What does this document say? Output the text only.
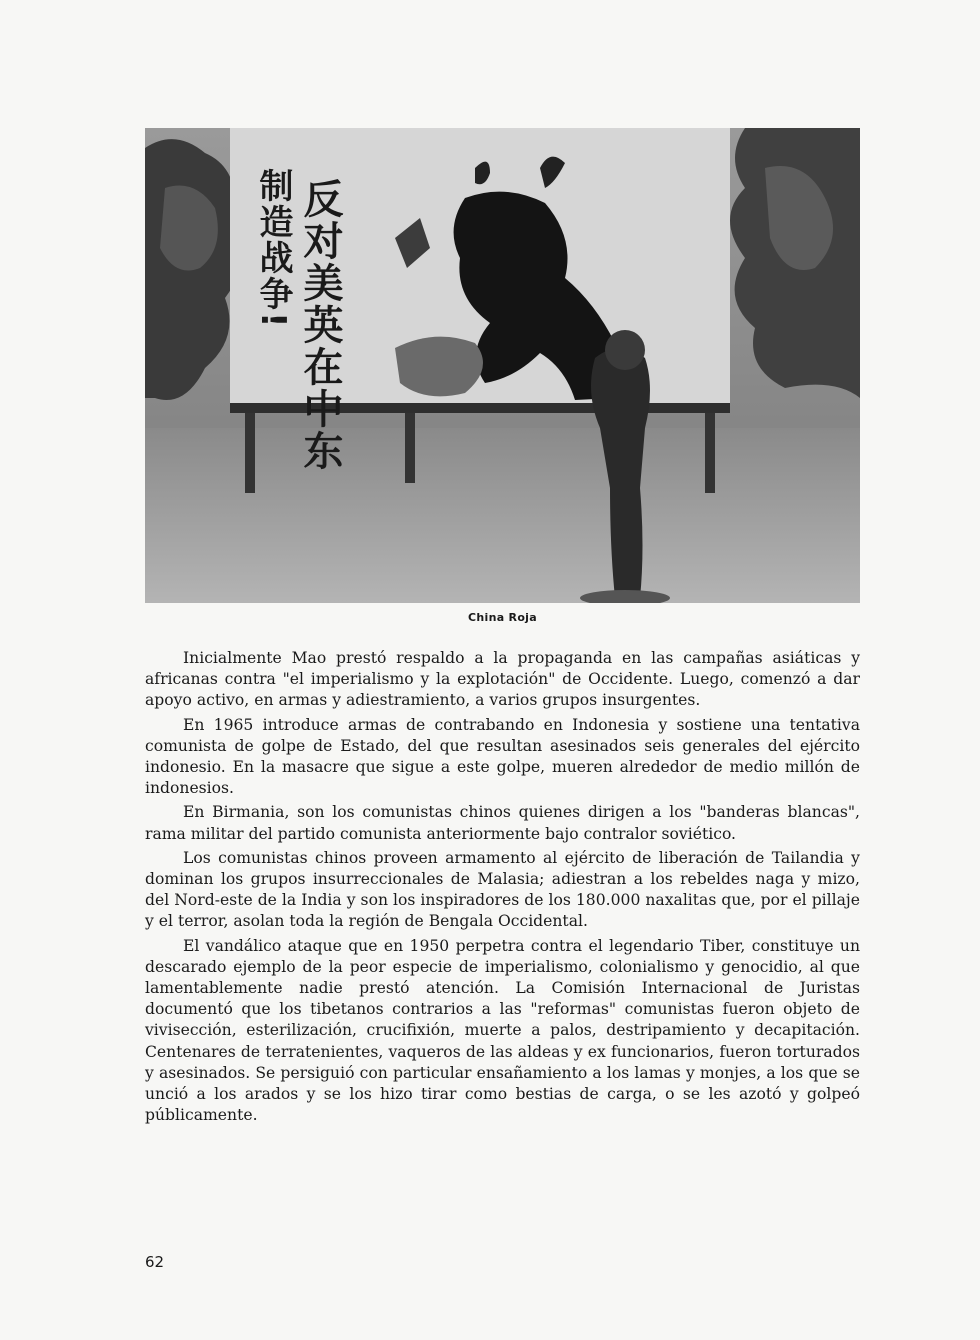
反对美英在中东
制造战争!
China Roja

Inicialmente Mao prestó respaldo a la propaganda en las campañas asiáticas y africanas contra "el imperialismo y la explotación" de Occidente. Luego, comenzó a dar apoyo activo, en armas y adiestramiento, a varios grupos insurgentes.

En 1965 introduce armas de contrabando en Indonesia y sostiene una tentativa comunista de golpe de Estado, del que resultan asesinados seis generales del ejército indonesio. En la masacre que sigue a este golpe, mueren alrededor de medio millón de indonesios.

En Birmania, son los comunistas chinos quienes dirigen a los "banderas blancas", rama militar del partido comunista anteriormente bajo contralor soviético.

Los comunistas chinos proveen armamento al ejército de liberación de Tailandia y dominan los grupos insurreccionales de Malasia; adiestran a los rebeldes naga y mizo, del Nord-este de la India y son los inspiradores de los 180.000 naxalitas que, por el pillaje y el terror, asolan toda la región de Bengala Occidental.

El vandálico ataque que en 1950 perpetra contra el legendario Tiber, constituye un descarado ejemplo de la peor especie de imperialismo, colonialismo y genocidio, al que lamentablemente nadie prestó atención. La Comisión Internacional de Juristas documentó que los tibetanos contrarios a las "reformas" comunistas fueron objeto de vivisección, esterilización, crucifixión, muerte a palos, destripamiento y decapitación. Centenares de terratenientes, vaqueros de las aldeas y ex funcionarios, fueron torturados y asesinados. Se persiguió con particular ensañamiento a los lamas y monjes, a los que se unció a los arados y se los hizo tirar como bestias de carga, o se les azotó y golpeó públicamente.

62
